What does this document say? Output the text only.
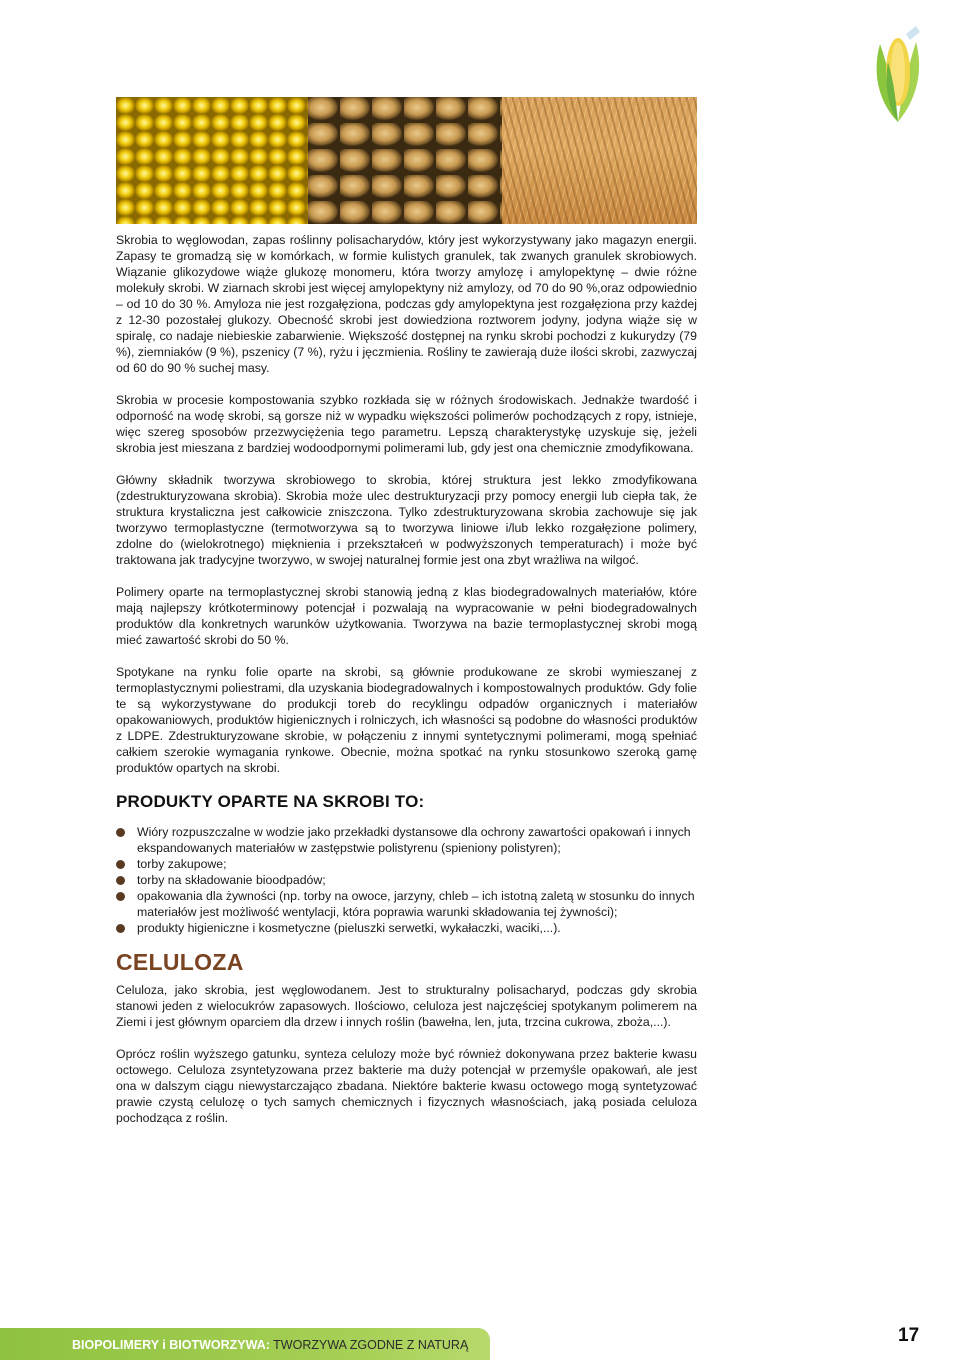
Skrobia to węglowodan, zapas roślinny polisacharydów, który jest wykorzystywany jako magazyn energii. Zapasy te gromadzą się w komórkach, w formie kulistych granulek, tak zwanych granulek skrobiowych. Wiązanie glikozydowe wiąże glukozę monomeru, która tworzy amylozę i amylopektynę – dwie różne molekuły skrobi. W ziarnach skrobi jest więcej amylopektyny niż amylozy, od 70 do 90 %,oraz odpowiednio – od 10 do 30 %. Amyloza nie jest rozgałęziona, podczas gdy amylopektyna jest rozgałęziona przy każdej z 12-30 pozostałej glukozy. Obecność skrobi jest dowiedziona roztworem jodyny, jodyna wiąże się w spiralę, co nadaje niebieskie zabarwienie. Większość dostępnej na rynku skrobi pochodzi z kukurydzy (79 %), ziemniaków (9 %), pszenicy (7 %), ryżu i jęczmienia. Rośliny te zawierają duże ilości skrobi, zazwyczaj od 60 do 90 % suchej masy.

Skrobia w procesie kompostowania szybko rozkłada się w różnych środowiskach. Jednakże twardość i odporność na wodę skrobi, są gorsze niż w wypadku większości polimerów pochodzących z ropy, istnieje, więc szereg sposobów przezwyciężenia tego parametru. Lepszą charakterystykę uzyskuje się, jeżeli skrobia jest mieszana z bardziej wodoodpornymi polimerami lub, gdy jest ona chemicznie zmodyfikowana.

Główny składnik tworzywa skrobiowego to skrobia, której struktura jest lekko zmodyfikowana (zdestrukturyzowana skrobia). Skrobia może ulec destrukturyzacji przy pomocy energii lub ciepła tak, że struktura krystaliczna jest całkowicie zniszczona. Tylko zdestrukturyzowana skrobia zachowuje się jak tworzywo termoplastyczne (termotworzywa są to tworzywa liniowe i/lub lekko rozgałęzione polimery, zdolne do (wielokrotnego) mięknienia i przekształceń w podwyższonych temperaturach) i może być traktowana jak tradycyjne tworzywo, w swojej naturalnej formie jest ona zbyt wrażliwa na wilgoć.

Polimery oparte na termoplastycznej skrobi stanowią jedną z klas biodegradowalnych materiałów, które mają najlepszy krótkoterminowy potencjał i pozwalają na wypracowanie w pełni biodegradowalnych produktów dla konkretnych warunków użytkowania. Tworzywa na bazie termoplastycznej skrobi mogą mieć zawartość skrobi do 50 %.

Spotykane na rynku folie oparte na skrobi, są głównie produkowane ze skrobi wymieszanej z termoplastycznymi poliestrami, dla uzyskania biodegradowalnych i kompostowalnych produktów. Gdy folie te są wykorzystywane do produkcji toreb do recyklingu odpadów organicznych i materiałów opakowaniowych, produktów higienicznych i rolniczych, ich własności są podobne do własności produktów z LDPE. Zdestrukturyzowane skrobie, w połączeniu z innymi syntetycznymi polimerami, mogą spełniać całkiem szerokie wymagania rynkowe. Obecnie, można spotkać na rynku stosunkowo szeroką gamę produktów opartych na skrobi.

PRODUKTY OPARTE NA SKROBI TO:
Wióry rozpuszczalne w wodzie jako przekładki dystansowe dla ochrony zawartości opakowań i innych ekspandowanych materiałów w zastępstwie polistyrenu (spieniony polistyren);
torby zakupowe;
torby na składowanie bioodpadów;
opakowania dla żywności (np. torby na owoce, jarzyny, chleb – ich istotną zaletą w stosunku do innych materiałów jest możliwość wentylacji, która poprawia warunki składowania tej żywności);
produkty higieniczne i kosmetyczne (pieluszki serwetki, wykałaczki, waciki,...).
CELULOZA

Celuloza, jako skrobia, jest węglowodanem. Jest to strukturalny polisacharyd, podczas gdy skrobia stanowi jeden z wielocukrów zapasowych. Ilościowo, celuloza jest najczęściej spotykanym polimerem na Ziemi i jest głównym oparciem dla drzew i innych roślin (bawełna, len, juta, trzcina cukrowa, zboża,...).

Oprócz roślin wyższego gatunku, synteza celulozy może być również dokonywana przez bakterie kwasu octowego. Celuloza zsyntetyzowana przez bakterie ma duży potencjał w przemyśle opakowań, ale jest ona w dalszym ciągu niewystarczająco zbadana. Niektóre bakterie kwasu octowego mogą syntetyzować prawie czystą celulozę o tych samych chemicznych i fizycznych własnościach, jaką posiada celuloza pochodząca z roślin.

BIOPOLIMERY i BIOTWORZYWA: TWORZYWA ZGODNE Z NATURĄ	17
